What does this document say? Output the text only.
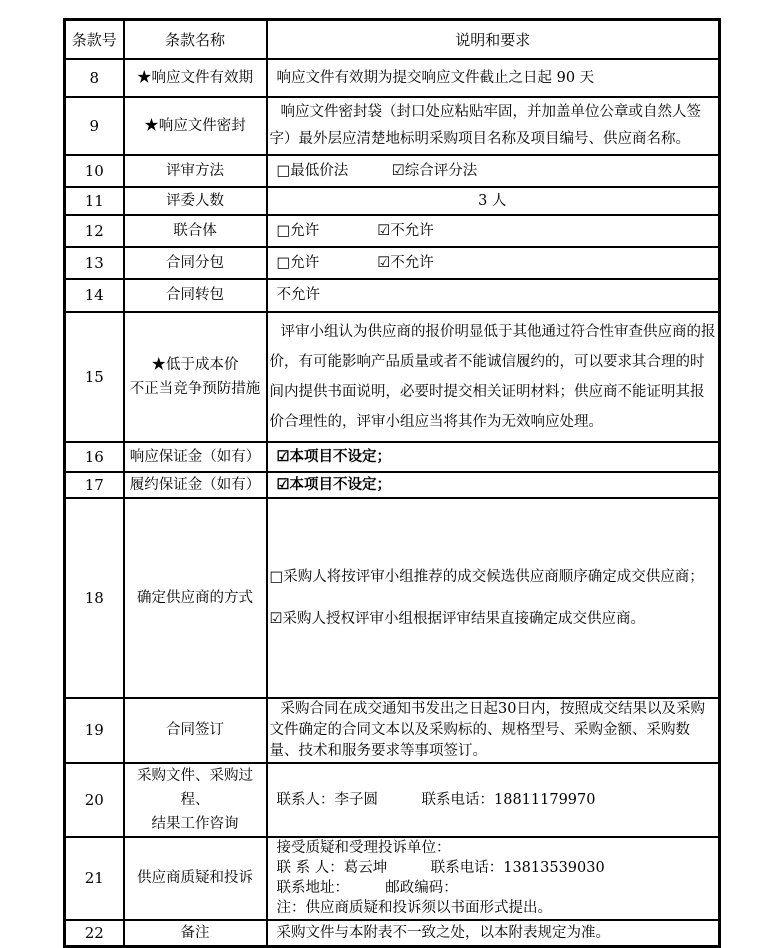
条款号	条款名称	说明和要求
8	★响应文件有效期	响应文件有效期为提交响应文件截止之日起 90 天

9	★响应文件密封	响应文件密封袋（封口处应粘贴牢固，并加盖单位公章或自然人签字）最外层应清楚地标明采购项目名称及项目编号、供应商名称。

10	评审方法	□最低价法　　　☑综合评分法

11	评委人数	3 人

12	联合体	□允许　　　　☑不允许

13	合同分包	□允许　　　　☑不允许

14	合同转包	不允许

15	★低于成本价
不正当竞争预防措施	评审小组认为供应商的报价明显低于其他通过符合性审查供应商的报价，有可能影响产品质量或者不能诚信履约的，可以要求其合理的时间内提供书面说明，必要时提交相关证明材料；供应商不能证明其报价合理性的，评审小组应当将其作为无效响应处理。

16	响应保证金（如有）	☑本项目不设定；

17	履约保证金（如有）	☑本项目不设定；

18	确定供应商的方式	□采购人将按评审小组推荐的成交候选供应商顺序确定成交供应商；
☑采购人授权评审小组根据评审结果直接确定成交供应商。

19	合同签订	采购合同在成交通知书发出之日起30日内，按照成交结果以及采购文件确定的合同文本以及采购标的、规格型号、采购金额、采购数量、技术和服务要求等事项签订。

20	采购文件、采购过程、
结果工作咨询	联系人：李子圆　　　联系电话：18811179970

21	供应商质疑和投诉	接受质疑和受理投诉单位：
联 系 人：葛云坤　　　联系电话：13813539030
联系地址：　　　邮政编码：
注：供应商质疑和投诉须以书面形式提出。

22	备注	采购文件与本附表不一致之处，以本附表规定为准。
